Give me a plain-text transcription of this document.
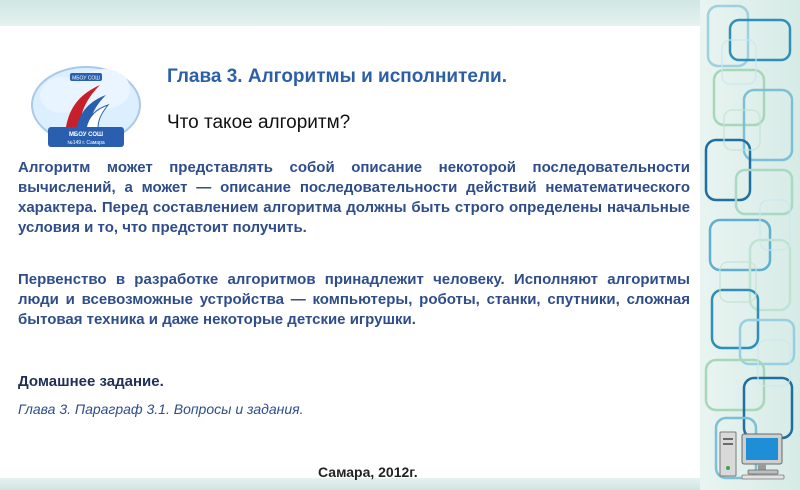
МБОУ СОШ
МБОУ СОШ
№149 г. Самара
Глава 3. Алгоритмы и исполнители.
Что такое алгоритм?

Алгоритм может представлять собой описание некоторой последовательности вычислений, а может — описание последовательности действий нематематического характера. Перед составлением алгоритма должны быть строго определены начальные условия и то, что предстоит получить.

Первенство в разработке алгоритмов принадлежит человеку. Исполняют алгоритмы люди и всевозможные устройства — компьютеры, роботы, станки, спутники, сложная бытовая техника и даже некоторые детские игрушки.

Домашнее задание.

Глава 3. Параграф 3.1. Вопросы и задания.

Самара, 2012г.
